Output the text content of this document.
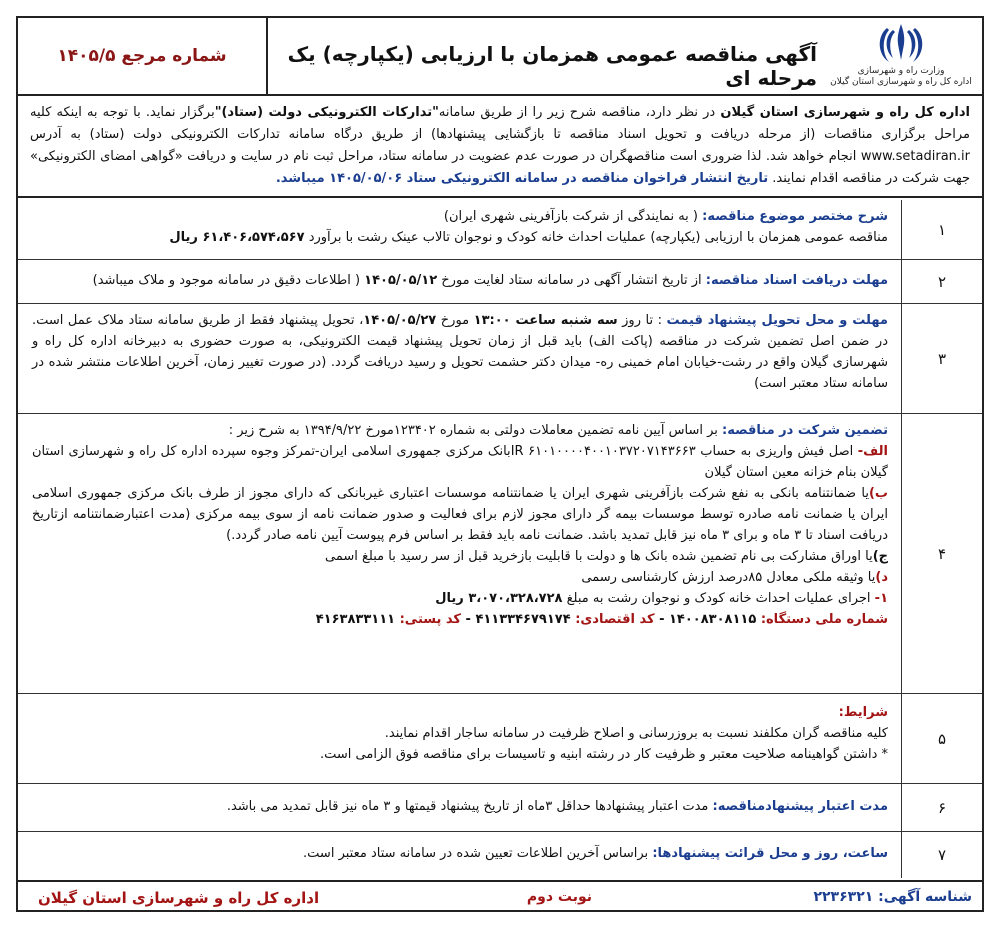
وزارت راه و شهرسازی
اداره کل راه و شهرسازی استان گیلان
آگهی مناقصه عمومی همزمان با ارزیابی (یکپارچه) یک مرحله ای
شماره مرجع ۱۴۰۵/۵
اداره کل راه و شهرسازی استان گیلان در نظر دارد، مناقصه شرح زیر را از طریق سامانه"تدارکات الکترونیکی دولت (ستاد)"برگزار نماید. با توجه به اینکه کلیه مراحل برگزاری مناقصات (از مرحله دریافت و تحویل اسناد مناقصه تا بازگشایی پیشنهادها) از طریق درگاه سامانه تدارکات الکترونیکی دولت (ستاد) به آدرس www.setadiran.ir انجام خواهد شد. لذا ضروری است مناقصهگران در صورت عدم عضویت در سامانه ستاد، مراحل ثبت نام در سایت و دریافت «گواهی امضای الکترونیکی» جهت شرکت در مناقصه اقدام نمایند. تاریخ انتشار فراخوان مناقصه در سامانه الکترونیکی ستاد ۱۴۰۵/۰۵/۰۶ میباشد.
۱
شرح مختصر موضوع مناقصه: ( به نمایندگی از شرکت بازآفرینی شهری ایران)
مناقصه عمومی همزمان با ارزیابی (یکپارچه) عملیات احداث خانه کودک و نوجوان تالاب عینک رشت با برآورد ۶۱،۴۰۶،۵۷۴،۵۶۷ ریال
۲
مهلت دریافت اسناد مناقصه: از تاریخ انتشار آگهی در سامانه ستاد لغایت مورخ ۱۴۰۵/۰۵/۱۲ ( اطلاعات دقیق در سامانه موجود و ملاک میباشد)
۳
مهلت و محل تحویل پیشنهاد قیمت : تا روز سه شنبه ساعت ۱۳:۰۰ مورخ ۱۴۰۵/۰۵/۲۷، تحویل پیشنهاد فقط از طریق سامانه ستاد ملاک عمل است. در ضمن اصل تضمین شرکت در مناقصه (پاکت الف) باید قبل از زمان تحویل پیشنهاد قیمت الکترونیکی، به صورت حضوری به دبیرخانه اداره کل راه و شهرسازی گیلان واقع در رشت-خیابان امام خمینی ره- میدان دکتر حشمت تحویل و رسید دریافت گردد. (در صورت تغییر زمان، آخرین اطلاعات منتشر شده در سامانه ستاد معتبر است)
۴
تضمین شرکت در مناقصه: بر اساس آیین نامه تضمین معاملات دولتی به شماره ۱۲۳۴۰۲مورخ ۱۳۹۴/۹/۲۲ به شرح زیر :
الف- اصل فیش واریزی به حساب ۶۱۰۱۰۰۰۰۴۰۰۱۰۳۷۲۰۷۱۴۳۶۶۳ IRبانک مرکزی جمهوری اسلامی ایران-تمرکز وجوه سپرده اداره کل راه و شهرسازی استان گیلان بنام خزانه معین استان گیلان
ب)یا ضمانتنامه بانکی به نفع شرکت بازآفرینی شهری ایران یا ضمانتنامه موسسات اعتباری غیربانکی که دارای مجوز از طرف بانک مرکزی جمهوری اسلامی ایران یا ضمانت نامه صادره توسط موسسات بیمه گر دارای مجوز لازم برای فعالیت و صدور ضمانت نامه از سوی بیمه مرکزی (مدت اعتبارضمانتنامه ازتاریخ دریافت اسناد تا ۳ ماه و برای ۳ ماه نیز قابل تمدید باشد. ضمانت نامه باید فقط بر اساس فرم پیوست آیین نامه صادر گردد.)
ج)یا اوراق مشارکت بی نام تضمین شده بانک ها و دولت با قابلیت بازخرید قبل از سر رسید با مبلغ اسمی
د)یا وثیقه ملکی معادل ۸۵درصد ارزش کارشناسی رسمی
۱- اجرای عملیات احداث خانه کودک و نوجوان رشت به مبلغ ۳،۰۷۰،۳۲۸،۷۲۸ ریال
شماره ملی دستگاه: ۱۴۰۰۸۳۰۸۱۱۵ - کد اقتصادی: ۴۱۱۳۳۴۶۷۹۱۷۴ - کد پستی: ۴۱۶۳۸۳۳۱۱۱
۵
شرایط:
کلیه مناقصه گران مکلفند نسبت به بروزرسانی و اصلاح ظرفیت در سامانه ساجار اقدام نمایند.
* داشتن گواهینامه صلاحیت معتبر و ظرفیت کار در رشته ابنیه و تاسیسات برای مناقصه فوق الزامی است.
۶
مدت اعتبار پیشنهادمناقصه: مدت اعتبار پیشنهادها حداقل ۳ماه از تاریخ پیشنهاد قیمتها و ۳ ماه نیز قابل تمدید می باشد.
۷
ساعت، روز و محل قرائت پیشنهادها: براساس آخرین اطلاعات تعیین شده در سامانه ستاد معتبر است.
شناسه آگهی: ۲۲۳۶۳۲۱
نوبت دوم
اداره کل راه و شهرسازی استان گیلان
